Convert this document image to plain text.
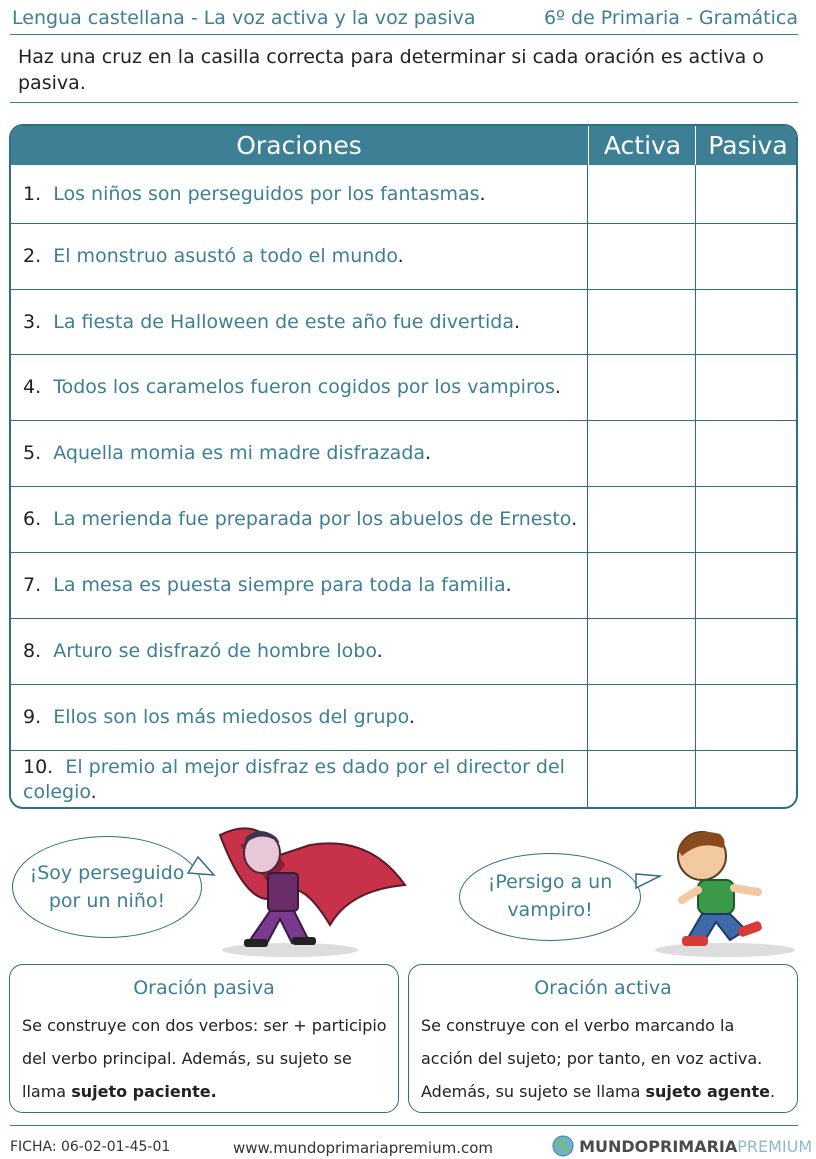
Lengua castellana - La voz activa y la voz pasiva	6º de Primaria - Gramática
Haz una cruz en la casilla correcta para determinar si cada oración es activa o pasiva.
Oraciones	Activa	Pasiva
1. Los niños son perseguidos por los fantasmas.
2. El monstruo asustó a todo el mundo.
3. La fiesta de Halloween de este año fue divertida.
4. Todos los caramelos fueron cogidos por los vampiros.
5. Aquella momia es mi madre disfrazada.
6. La merienda fue preparada por los abuelos de Ernesto.
7. La mesa es puesta siempre para toda la familia.
8. Arturo se disfrazó de hombre lobo.
9. Ellos son los más miedosos del grupo.
10. El premio al mejor disfraz es dado por el director del colegio.
¡Soy perseguido por un niño!
¡Persigo a un vampiro!
Oración pasiva
Se construye con dos verbos: ser + participio del verbo principal. Además, su sujeto se llama sujeto paciente.
Oración activa
Se construye con el verbo marcando la acción del sujeto; por tanto, en voz activa. Además, su sujeto se llama sujeto agente.
FICHA: 06-02-01-45-01	www.mundoprimariapremium.com	MUNDOPRIMARIAPREMIUM
